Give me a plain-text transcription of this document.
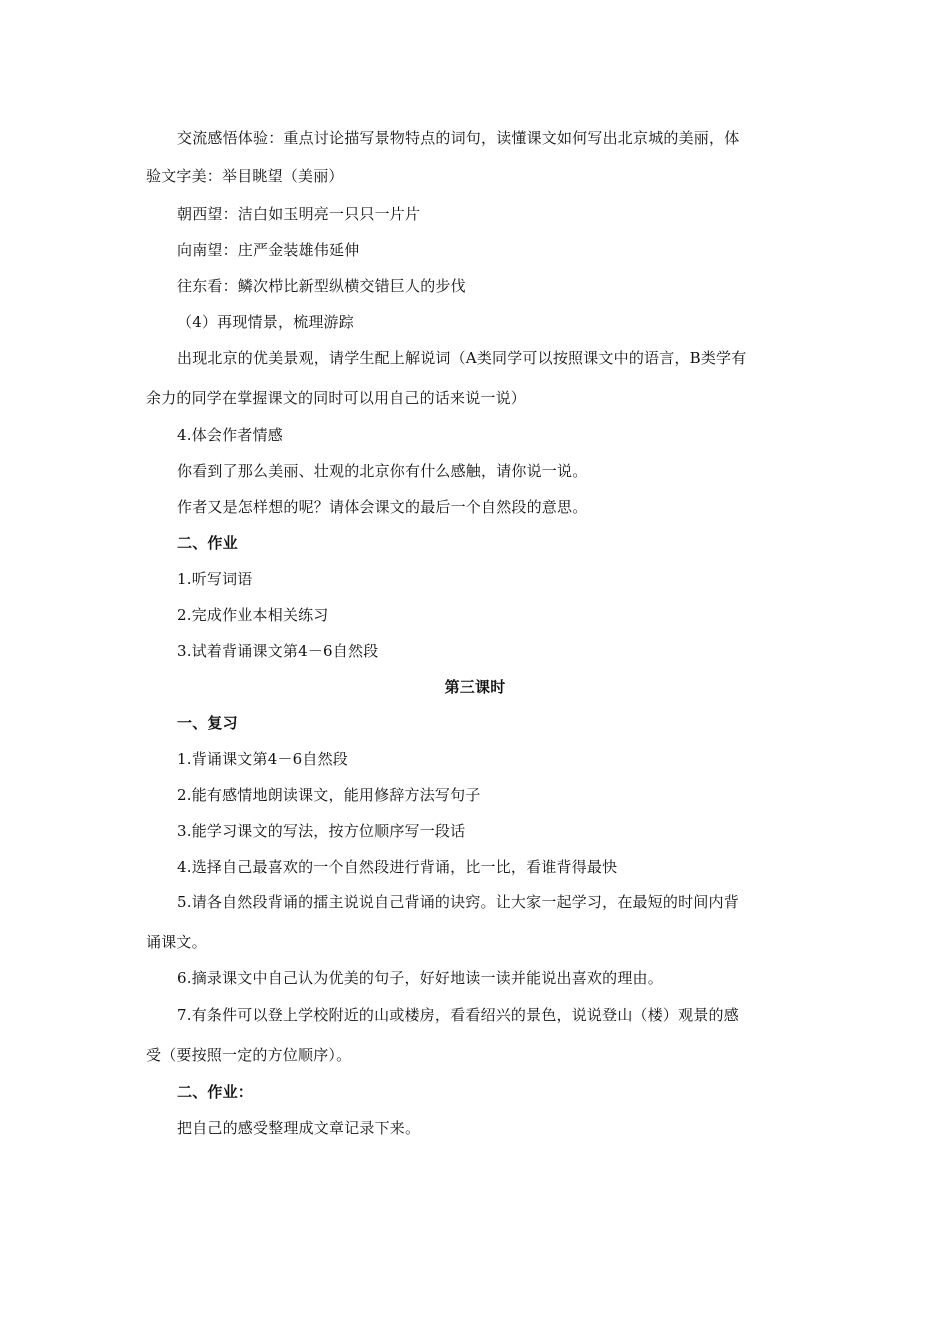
交流感悟体验：重点讨论描写景物特点的词句，读懂课文如何写出北京城的美丽，体
验文字美：举目眺望（美丽）
朝西望：洁白如玉明亮一只只一片片
向南望：庄严金装雄伟延伸
往东看：鳞次栉比新型纵横交错巨人的步伐
（4）再现情景，梳理游踪
出现北京的优美景观，请学生配上解说词（A类同学可以按照课文中的语言，B类学有
余力的同学在掌握课文的同时可以用自己的话来说一说）
4.体会作者情感
你看到了那么美丽、壮观的北京你有什么感触，请你说一说。
作者又是怎样想的呢？请体会课文的最后一个自然段的意思。
二、作业
1.听写词语
2.完成作业本相关练习
3.试着背诵课文第4－6自然段
第三课时
一、复习
1.背诵课文第4－6自然段
2.能有感情地朗读课文，能用修辞方法写句子
3.能学习课文的写法，按方位顺序写一段话
4.选择自己最喜欢的一个自然段进行背诵，比一比，看谁背得最快
5.请各自然段背诵的擂主说说自己背诵的诀窍。让大家一起学习，在最短的时间内背
诵课文。
6.摘录课文中自己认为优美的句子，好好地读一读并能说出喜欢的理由。
7.有条件可以登上学校附近的山或楼房，看看绍兴的景色，说说登山（楼）观景的感
受（要按照一定的方位顺序）。
二、作业：
把自己的感受整理成文章记录下来。
